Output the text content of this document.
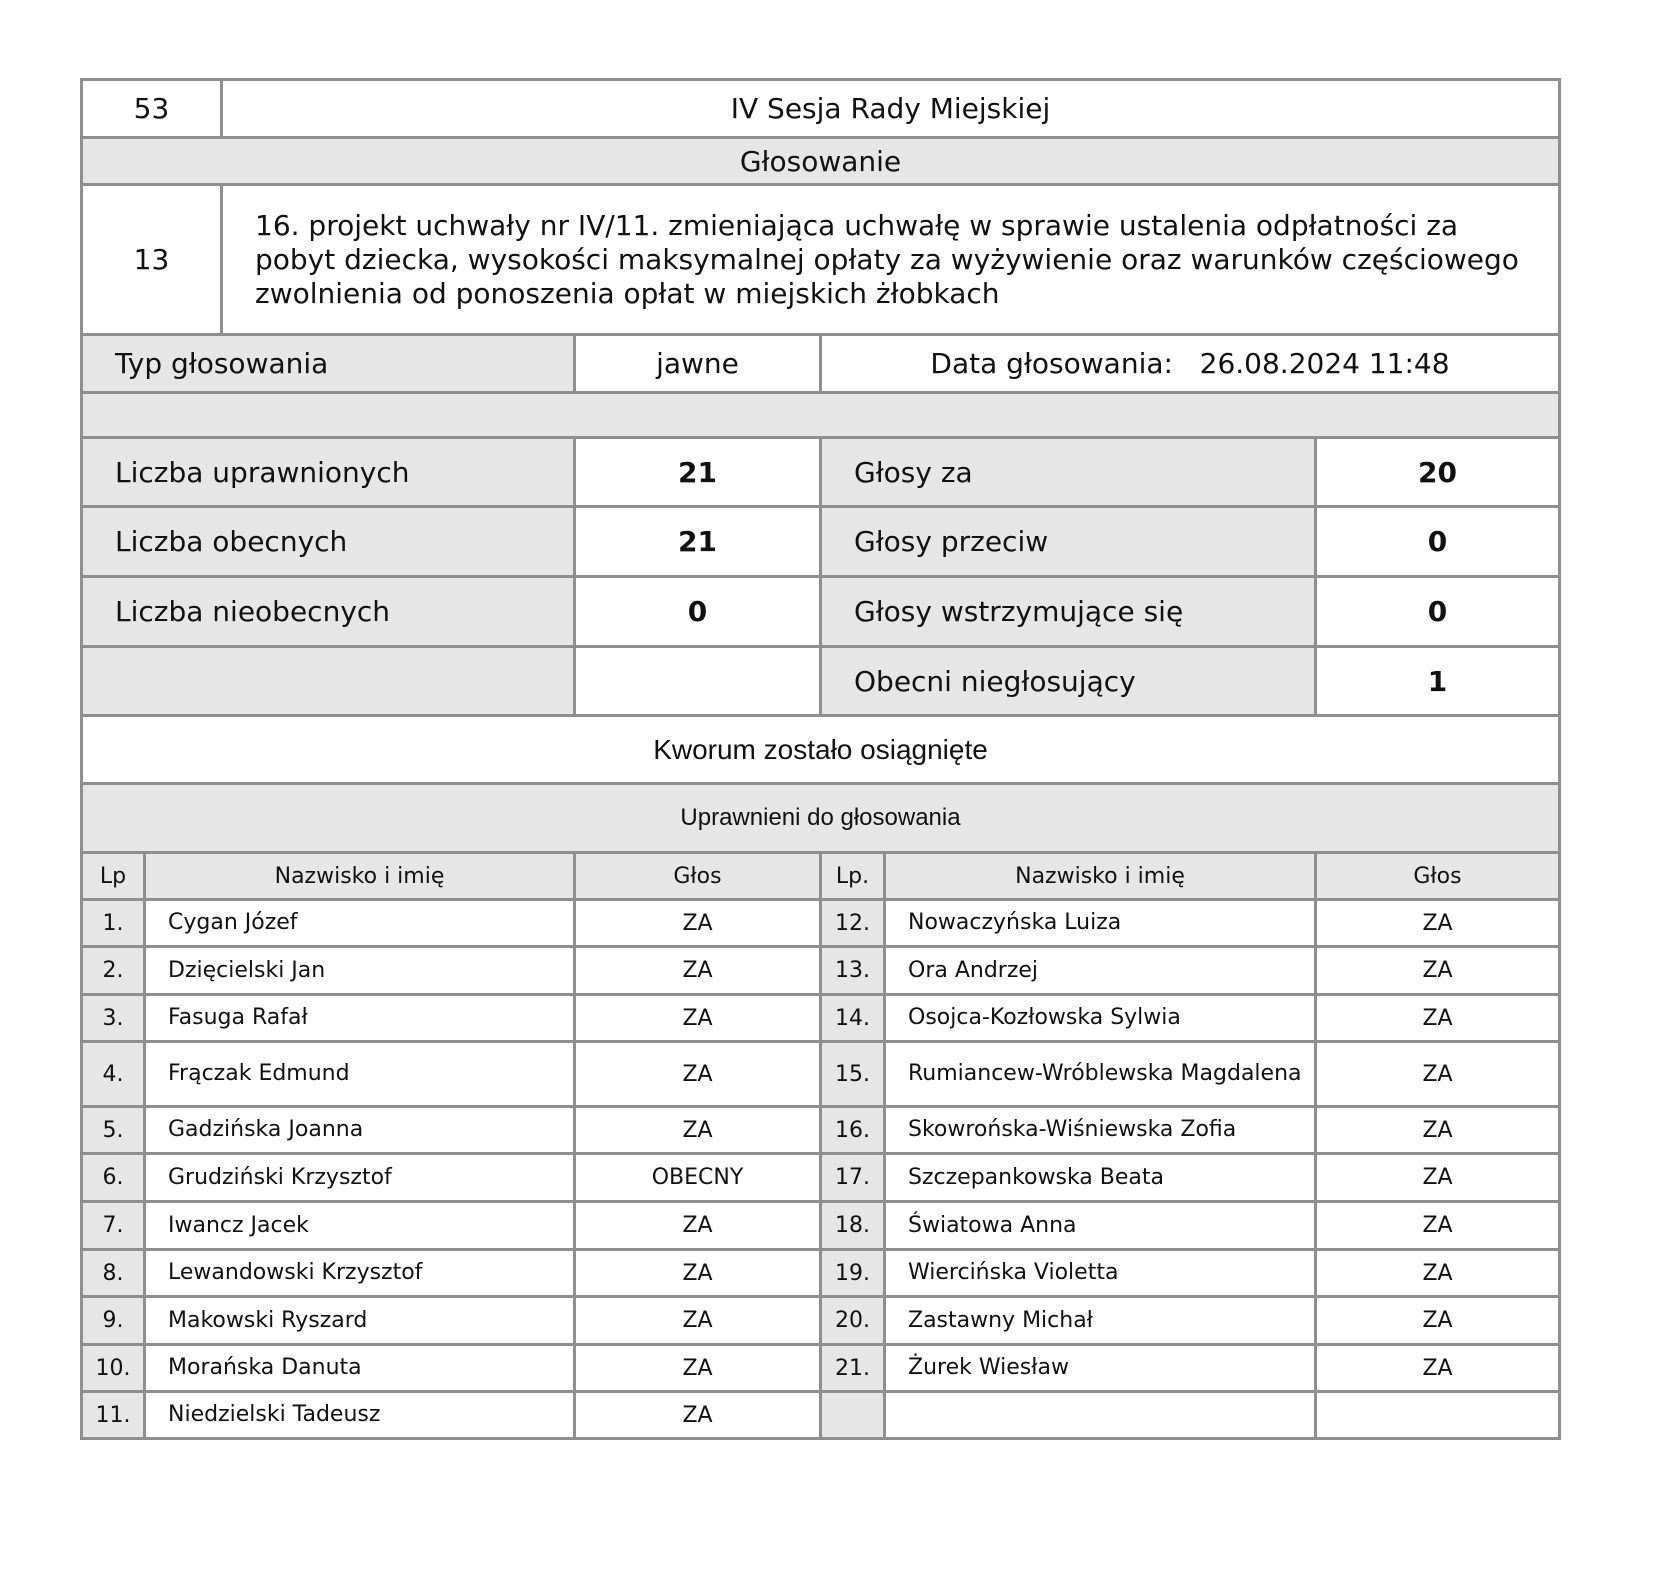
53	IV Sesja Rady Miejskiej
Głosowanie	
13	16. projekt uchwały nr IV/11. zmieniająca uchwałę w sprawie ustalenia odpłatności za pobyt dziecka, wysokości maksymalnej opłaty za wyżywienie oraz warunków częściowego zwolnienia od ponoszenia opłat w miejskich żłobkach
Typ głosowania	jawne	Data głosowania: 26.08.2024 11:48	

Liczba uprawnionych	21	Głosy za	20
Liczba obecnych	21	Głosy przeciw	0
Liczba nieobecnych	0	Głosy wstrzymujące się	0
		Obecni niegłosujący	1
Kworum zostało osiągnięte			
Uprawnieni do głosowania					
Lp	Nazwisko i imię	Głos	Lp.	Nazwisko i imię	Głos
1.	Cygan Józef	ZA	12.	Nowaczyńska Luiza	ZA
2.	Dzięcielski Jan	ZA	13.	Ora Andrzej	ZA
3.	Fasuga Rafał	ZA	14.	Osojca-Kozłowska Sylwia	ZA
4.	Frączak Edmund	ZA	15.	Rumiancew-Wróblewska Magdalena	ZA
5.	Gadzińska Joanna	ZA	16.	Skowrońska-Wiśniewska Zofia	ZA
6.	Grudziński Krzysztof	OBECNY	17.	Szczepankowska Beata	ZA
7.	Iwancz Jacek	ZA	18.	Światowa Anna	ZA
8.	Lewandowski Krzysztof	ZA	19.	Wiercińska Violetta	ZA
9.	Makowski Ryszard	ZA	20.	Zastawny Michał	ZA
10.	Morańska Danuta	ZA	21.	Żurek Wiesław	ZA
11.	Niedzielski Tadeusz	ZA			
